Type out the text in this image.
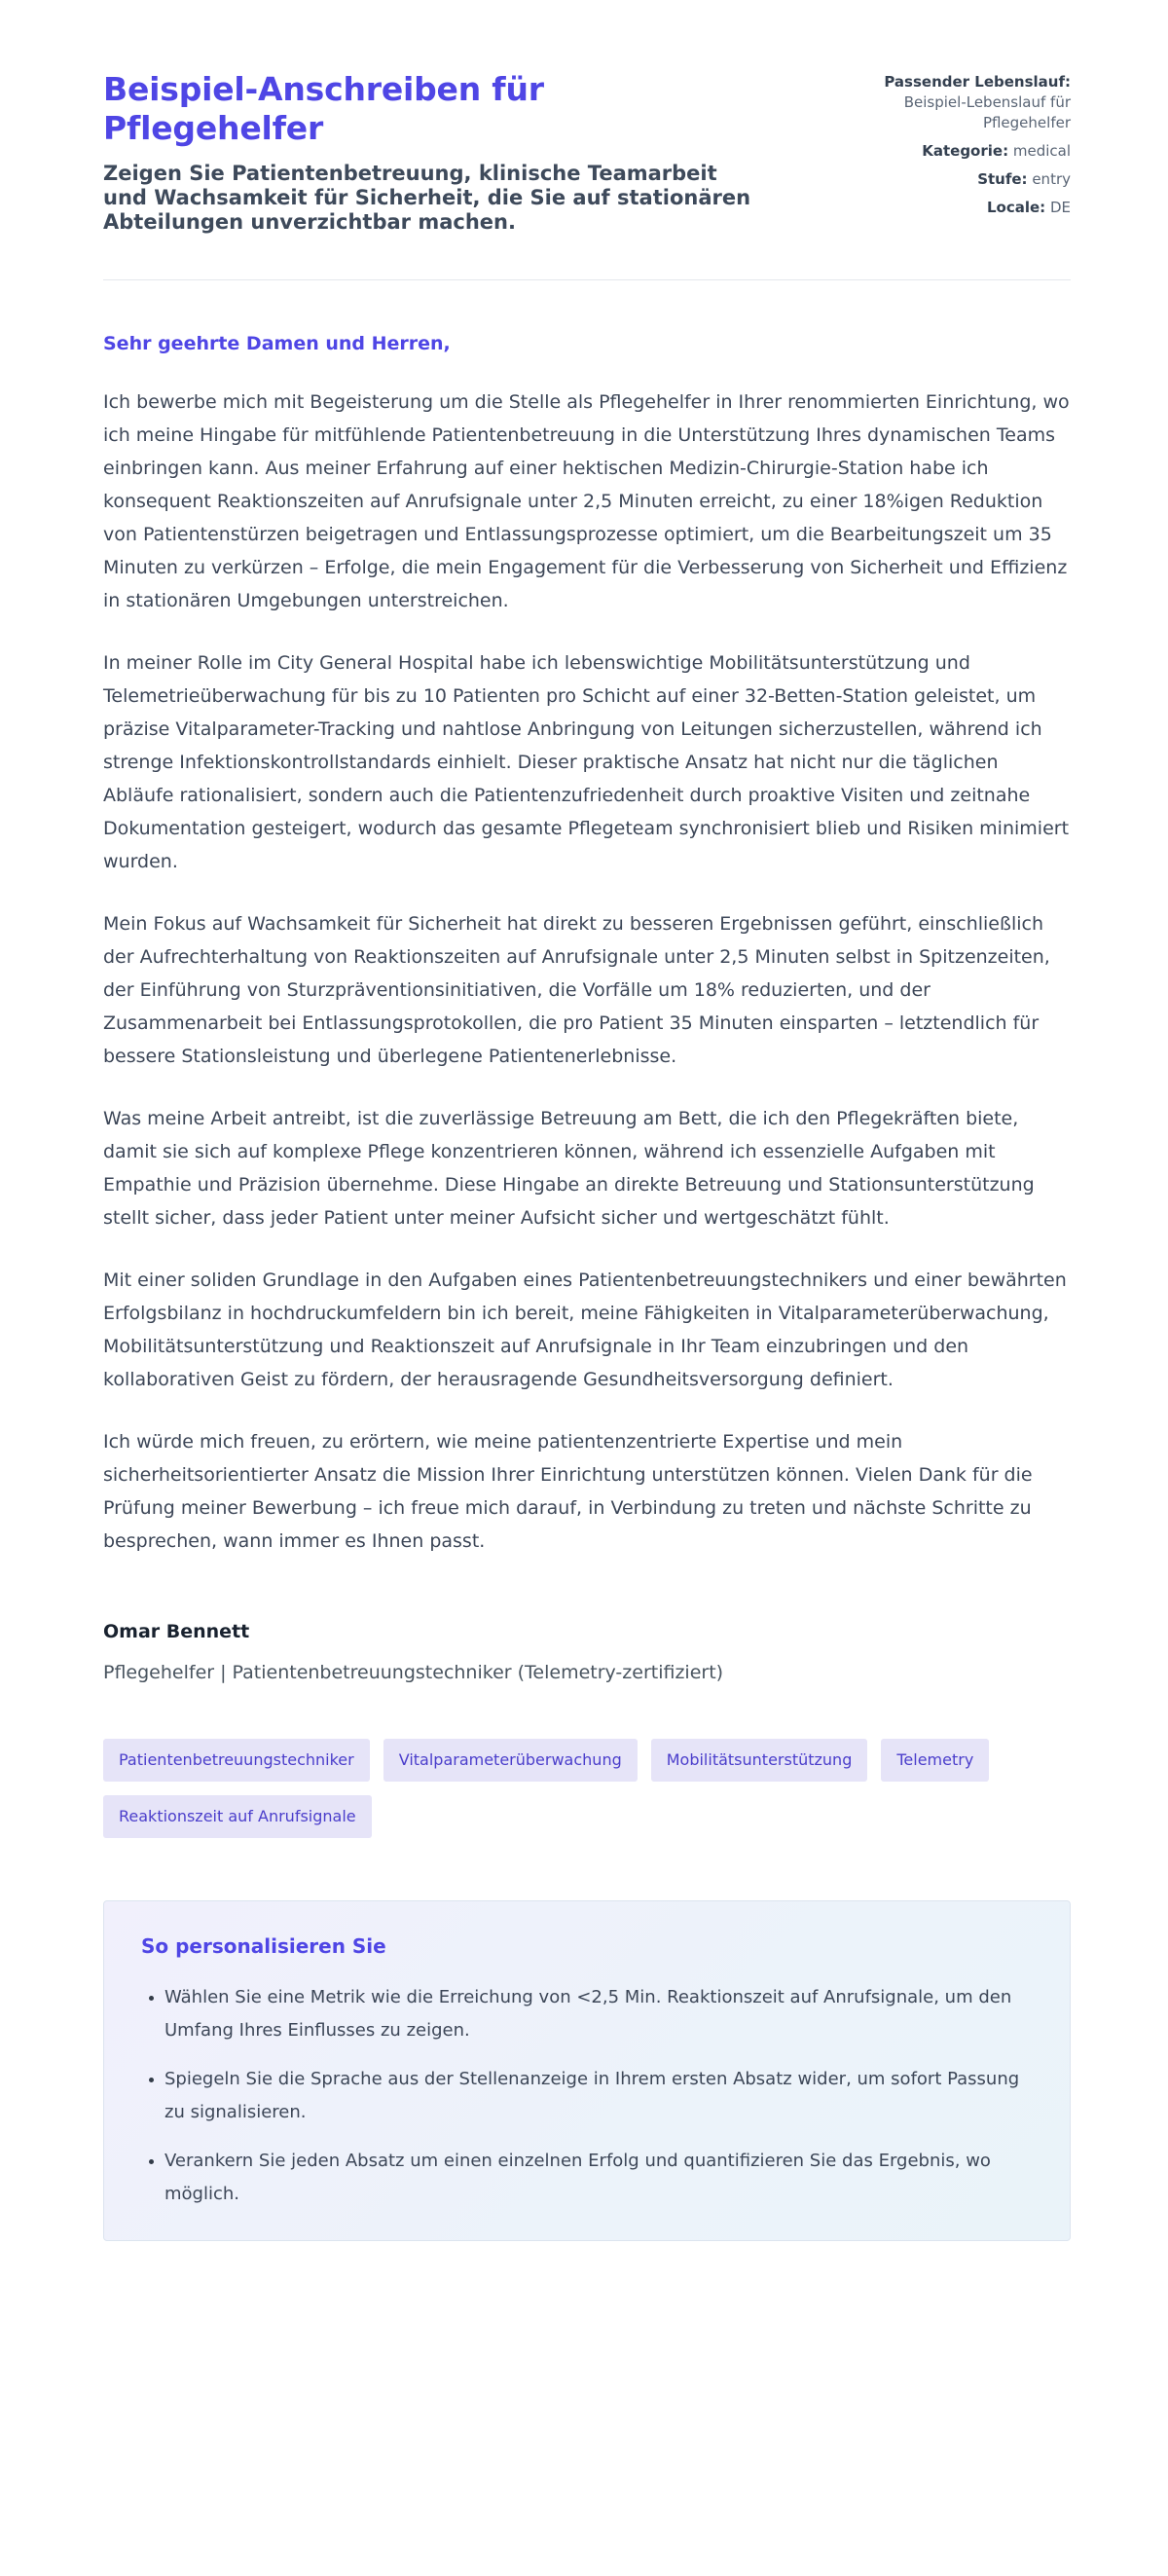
Beispiel-Anschreiben für Pflegehelfer
Zeigen Sie Patientenbetreuung, klinische Teamarbeit und Wachsamkeit für Sicherheit, die Sie auf stationären Abteilungen unverzichtbar machen.
Passender Lebenslauf: Beispiel-Lebenslauf für Pflegehelfer
Kategorie: medical
Stufe: entry
Locale: DE

Sehr geehrte Damen und Herren,

Ich bewerbe mich mit Begeisterung um die Stelle als Pflegehelfer in Ihrer renommierten Einrichtung, wo ich meine Hingabe für mitfühlende Patientenbetreuung in die Unterstützung Ihres dynamischen Teams einbringen kann. Aus meiner Erfahrung auf einer hektischen Medizin-Chirurgie-Station habe ich konsequent Reaktionszeiten auf Anrufsignale unter 2,5 Minuten erreicht, zu einer 18%igen Reduktion von Patientenstürzen beigetragen und Entlassungsprozesse optimiert, um die Bearbeitungszeit um 35 Minuten zu verkürzen – Erfolge, die mein Engagement für die Verbesserung von Sicherheit und Effizienz in stationären Umgebungen unterstreichen.

In meiner Rolle im City General Hospital habe ich lebenswichtige Mobilitätsunterstützung und Telemetrieüberwachung für bis zu 10 Patienten pro Schicht auf einer 32-Betten-Station geleistet, um präzise Vitalparameter-Tracking und nahtlose Anbringung von Leitungen sicherzustellen, während ich strenge Infektionskontrollstandards einhielt. Dieser praktische Ansatz hat nicht nur die täglichen Abläufe rationalisiert, sondern auch die Patientenzufriedenheit durch proaktive Visiten und zeitnahe Dokumentation gesteigert, wodurch das gesamte Pflegeteam synchronisiert blieb und Risiken minimiert wurden.

Mein Fokus auf Wachsamkeit für Sicherheit hat direkt zu besseren Ergebnissen geführt, einschließlich der Aufrechterhaltung von Reaktionszeiten auf Anrufsignale unter 2,5 Minuten selbst in Spitzenzeiten, der Einführung von Sturzpräventionsinitiativen, die Vorfälle um 18% reduzierten, und der Zusammenarbeit bei Entlassungsprotokollen, die pro Patient 35 Minuten einsparten – letztendlich für bessere Stationsleistung und überlegene Patientenerlebnisse.

Was meine Arbeit antreibt, ist die zuverlässige Betreuung am Bett, die ich den Pflegekräften biete, damit sie sich auf komplexe Pflege konzentrieren können, während ich essenzielle Aufgaben mit Empathie und Präzision übernehme. Diese Hingabe an direkte Betreuung und Stationsunterstützung stellt sicher, dass jeder Patient unter meiner Aufsicht sicher und wertgeschätzt fühlt.

Mit einer soliden Grundlage in den Aufgaben eines Patientenbetreuungstechnikers und einer bewährten Erfolgsbilanz in hochdruckumfeldern bin ich bereit, meine Fähigkeiten in Vitalparameterüberwachung, Mobilitätsunterstützung und Reaktionszeit auf Anrufsignale in Ihr Team einzubringen und den kollaborativen Geist zu fördern, der herausragende Gesundheitsversorgung definiert.

Ich würde mich freuen, zu erörtern, wie meine patientenzentrierte Expertise und mein sicherheitsorientierter Ansatz die Mission Ihrer Einrichtung unterstützen können. Vielen Dank für die Prüfung meiner Bewerbung – ich freue mich darauf, in Verbindung zu treten und nächste Schritte zu besprechen, wann immer es Ihnen passt.

Omar Bennett

Pflegehelfer | Patientenbetreuungstechniker (Telemetry-zertifiziert)

Patientenbetreuungstechniker	Vitalparameterüberwachung	Mobilitätsunterstützung	Telemetry
Reaktionszeit auf Anrufsignale
So personalisieren Sie
• Wählen Sie eine Metrik wie die Erreichung von <2,5 Min. Reaktionszeit auf Anrufsignale, um den Umfang Ihres Einflusses zu zeigen.
• Spiegeln Sie die Sprache aus der Stellenanzeige in Ihrem ersten Absatz wider, um sofort Passung zu signalisieren.
• Verankern Sie jeden Absatz um einen einzelnen Erfolg und quantifizieren Sie das Ergebnis, wo möglich.
